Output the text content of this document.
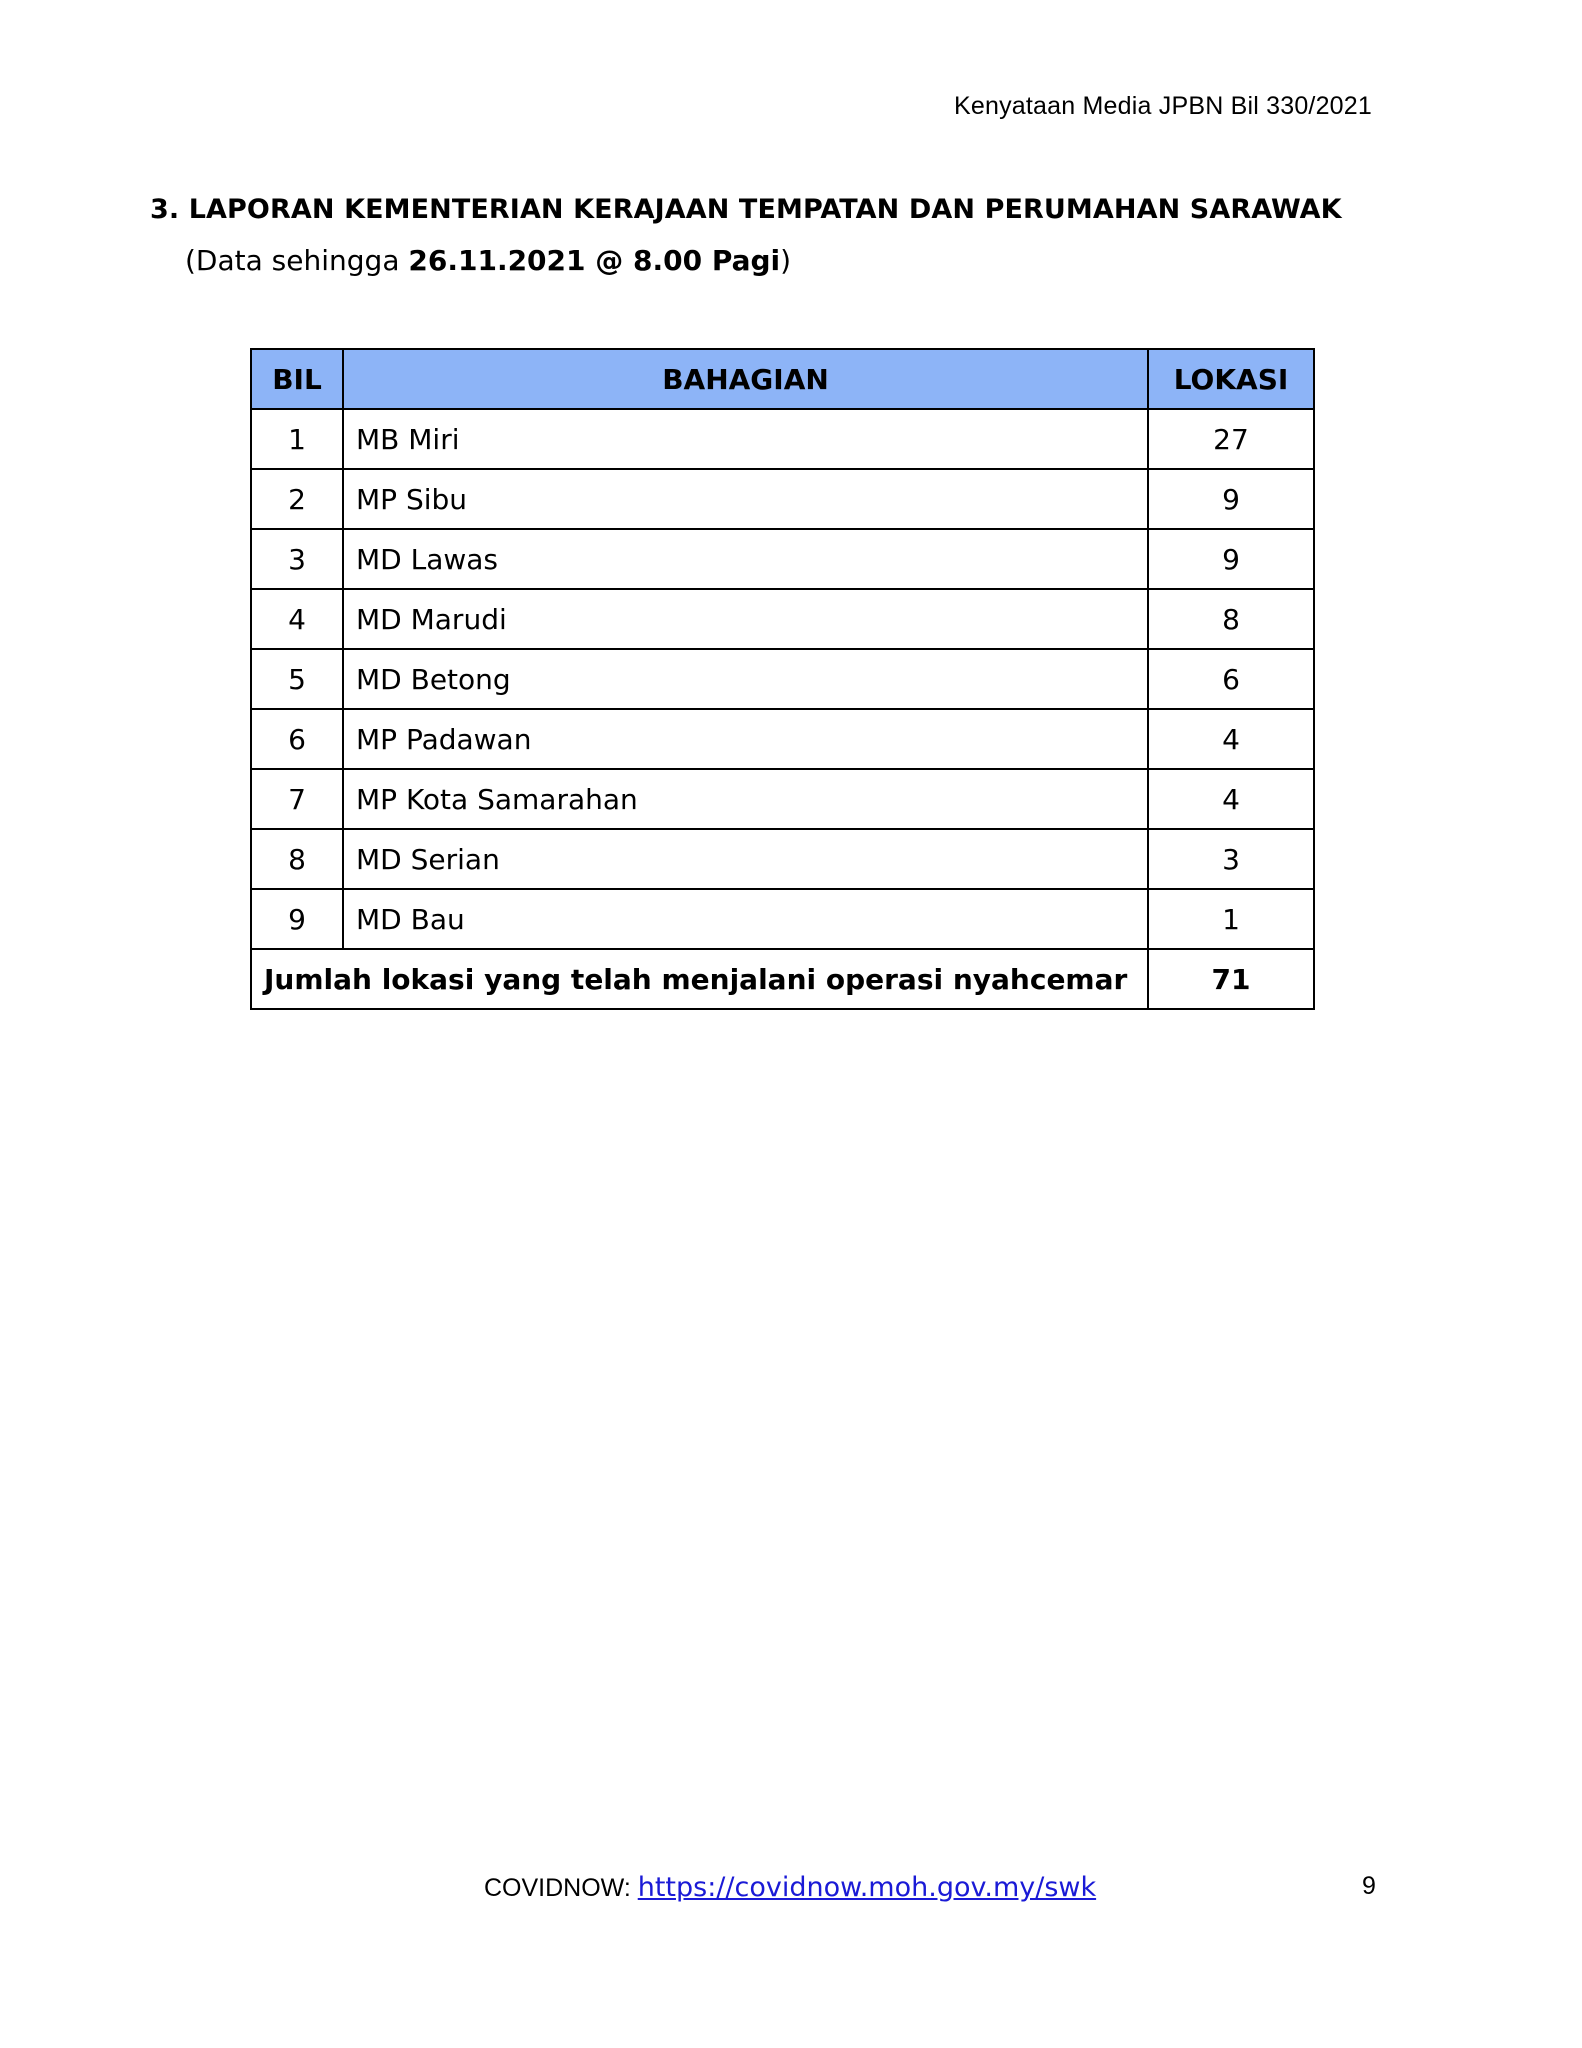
Kenyataan Media JPBN Bil 330/2021
3. LAPORAN KEMENTERIAN KERAJAAN TEMPATAN DAN PERUMAHAN SARAWAK
(Data sehingga 26.11.2021 @ 8.00 Pagi)
BIL	BAHAGIAN	LOKASI
1	MB Miri	27
2	MP Sibu	9
3	MD Lawas	9
4	MD Marudi	8
5	MD Betong	6
6	MP Padawan	4
7	MP Kota Samarahan	4
8	MD Serian	3
9	MD Bau	1
Jumlah lokasi yang telah menjalani operasi nyahcemar		71
COVIDNOW: https://covidnow.moh.gov.my/swk	9
